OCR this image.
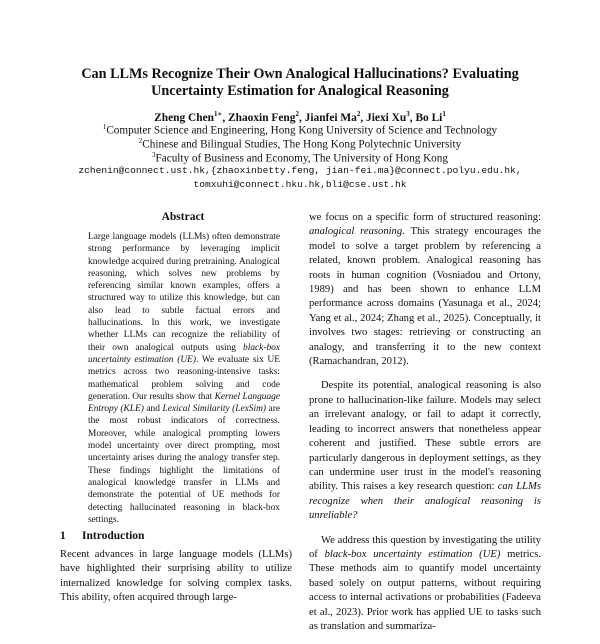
Can LLMs Recognize Their Own Analogical Hallucinations? Evaluating
Uncertainty Estimation for Analogical Reasoning
Zheng Chen$^{1∗}$, Zhaoxin Feng$^2$, Jianfei Ma$^2$, Jiexi Xu$^3$, Bo Li$^1$
$^1$Computer Science and Engineering, Hong Kong University of Science and Technology
$^2$Chinese and Bilingual Studies, The Hong Kong Polytechnic University
$^3$Faculty of Business and Economy, The University of Hong Kong
zchenin@connect.ust.hk,{zhaoxinbetty.feng, jian-fei.ma}@connect.polyu.edu.hk,
tomxuhi@connect.hku.hk,bli@cse.ust.hk
Abstract
Large language models (LLMs) often demonstrate strong performance by leveraging implicit knowledge acquired during pretraining. Analogical reasoning, which solves new problems by referencing similar known examples, offers a structured way to utilize this knowledge, but can also lead to subtle factual errors and hallucinations. In this work, we investigate whether LLMs can recognize the reliability of their own analogical outputs using black-box uncertainty estimation (UE). We evaluate six UE metrics across two reasoning-intensive tasks: mathematical problem solving and code generation. Our results show that Kernel Language Entropy (KLE) and Lexical Similarity (LexSim) are the most robust indicators of correctness. Moreover, while analogical prompting lowers model uncertainty over direct prompting, most uncertainty arises during the analogy transfer step. These findings highlight the limitations of analogical knowledge transfer in LLMs and demonstrate the potential of UE methods for detecting hallucinated reasoning in black-box settings.
1 Introduction
Recent advances in large language models (LLMs) have highlighted their surprising ability to utilize internalized knowledge for solving complex tasks. This ability, often acquired through large-

we focus on a specific form of structured reasoning: analogical reasoning. This strategy encourages the model to solve a target problem by referencing a related, known problem. Analogical reasoning has roots in human cognition (Vosniadou and Ortony, 1989) and has been shown to enhance LLM performance across domains (Yasunaga et al., 2024; Yang et al., 2024; Zhang et al., 2025). Conceptually, it involves two stages: retrieving or constructing an analogy, and transferring it to the new context (Ramachandran, 2012).

Despite its potential, analogical reasoning is also prone to hallucination-like failure. Models may select an irrelevant analogy, or fail to adapt it correctly, leading to incorrect answers that nonetheless appear coherent and justified. These subtle errors are particularly dangerous in deployment settings, as they can undermine user trust in the model's reasoning ability. This raises a key research question: can LLMs recognize when their analogical reasoning is unreliable?

We address this question by investigating the utility of black-box uncertainty estimation (UE) metrics. These methods aim to quantify model uncertainty based solely on output patterns, without requiring access to internal activations or probabilities (Fadeeva et al., 2023). Prior work has applied UE to tasks such as translation and summariza-
